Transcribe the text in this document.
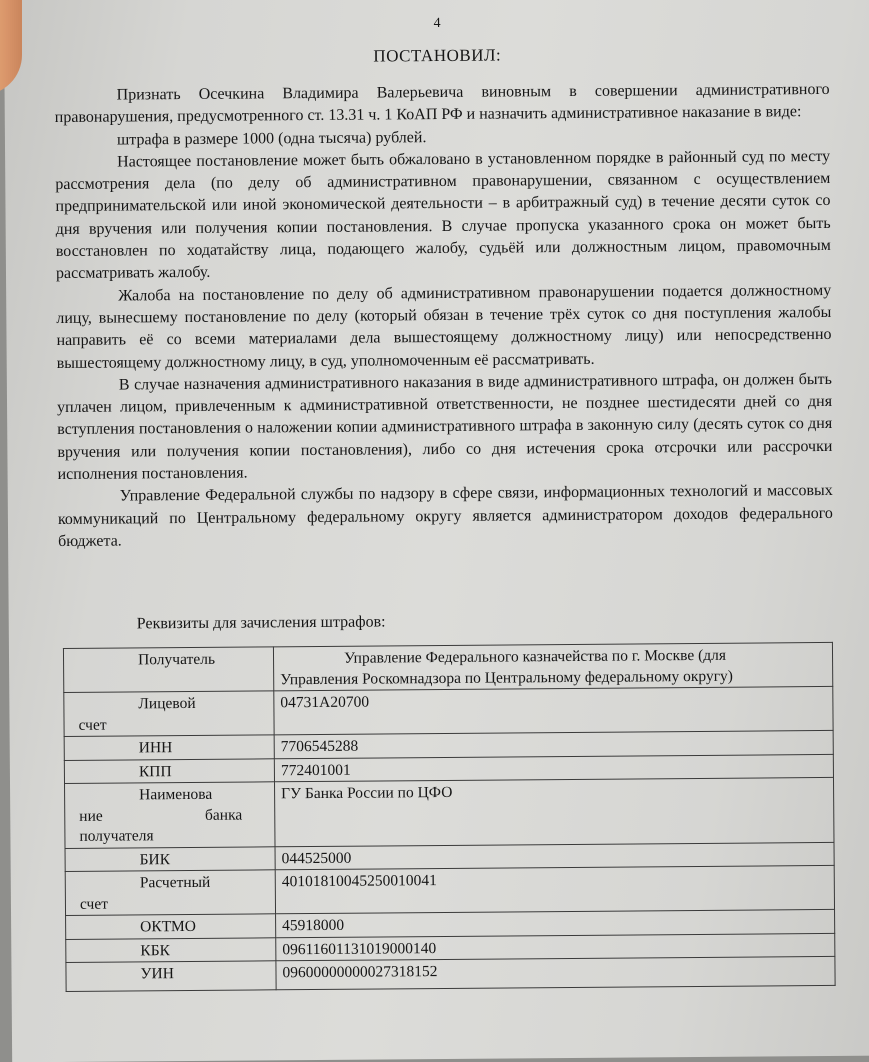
4
ПОСТАНОВИЛ:

Признать Осечкина Владимира Валерьевича виновным в совершении административного правонарушения, предусмотренного ст. 13.31 ч. 1 КоАП РФ и назначить административное наказание в виде:

штрафа в размере 1000 (одна тысяча) рублей.

Настоящее постановление может быть обжаловано в установленном порядке в районный суд по месту рассмотрения дела (по делу об административном правонарушении, связанном с осуществлением предпринимательской или иной экономической деятельности – в арбитражный суд) в течение десяти суток со дня вручения или получения копии постановления. В случае пропуска указанного срока он может быть восстановлен по ходатайству лица, подающего жалобу, судьёй или должностным лицом, правомочным рассматривать жалобу.

Жалоба на постановление по делу об административном правонарушении подается должностному лицу, вынесшему постановление по делу (который обязан в течение трёх суток со дня поступления жалобы направить её со всеми материалами дела вышестоящему должностному лицу) или непосредственно вышестоящему должностному лицу, в суд, уполномоченным её рассматривать.

В случае назначения административного наказания в виде административного штрафа, он должен быть уплачен лицом, привлеченным к административной ответственности, не позднее шестидесяти дней со дня вступления постановления о наложении копии административного штрафа в законную силу (десять суток со дня вручения или получения копии постановления), либо со дня истечения срока отсрочки или рассрочки исполнения постановления.

Управление Федеральной службы по надзору в сфере связи, информационных технологий и массовых коммуникаций по Центральному федеральному округу является администратором доходов федерального бюджета.

Реквизиты для зачисления штрафов:
Получатель	Управление Федерального казначейства по г. Москве (для
Управления Роскомнадзора по Центральному федеральному округу)

Лицевой
счет	04731А20700

ИНН	7706545288

КПП	772401001

Наименова
ние банка
получателя	ГУ Банка России по ЦФО

БИК	044525000

Расчетный
счет	40101810045250010041

ОКТМО	45918000

КБК	09611601131019000140

УИН	09600000000027318152
